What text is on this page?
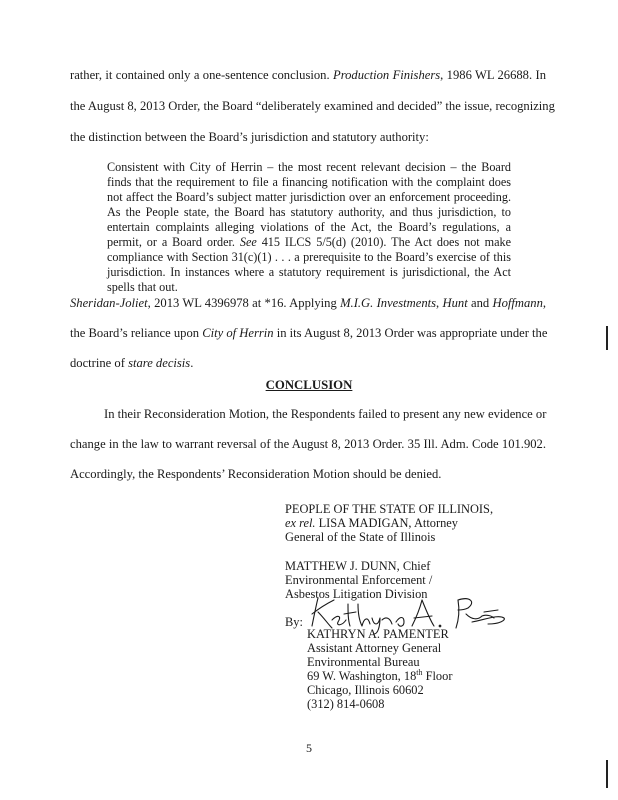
rather, it contained only a one-sentence conclusion. Production Finishers, 1986 WL 26688. In
the August 8, 2013 Order, the Board “deliberately examined and decided” the issue, recognizing
the distinction between the Board’s jurisdiction and statutory authority:
Consistent with City of Herrin – the most recent relevant decision – the Board
finds that the requirement to file a financing notification with the complaint does
not affect the Board’s subject matter jurisdiction over an enforcement proceeding.
As the People state, the Board has statutory authority, and thus jurisdiction, to
entertain complaints alleging violations of the Act, the Board’s regulations, a
permit, or a Board order. See 415 ILCS 5/5(d) (2010). The Act does not make
compliance with Section 31(c)(1) . . . a prerequisite to the Board’s exercise of this
jurisdiction. In instances where a statutory requirement is jurisdictional, the Act
spells that out.
Sheridan-Joliet, 2013 WL 4396978 at *16. Applying M.I.G. Investments, Hunt and Hoffmann,
the Board’s reliance upon City of Herrin in its August 8, 2013 Order was appropriate under the
doctrine of stare decisis.
CONCLUSION
In their Reconsideration Motion, the Respondents failed to present any new evidence or
change in the law to warrant reversal of the August 8, 2013 Order. 35 Ill. Adm. Code 101.902.
Accordingly, the Respondents’ Reconsideration Motion should be denied.
PEOPLE OF THE STATE OF ILLINOIS,
ex rel. LISA MADIGAN, Attorney
General of the State of Illinois
MATTHEW J. DUNN, Chief
Environmental Enforcement /
Asbestos Litigation Division
By:
KATHRYN A. PAMENTER
Assistant Attorney General
Environmental Bureau
69 W. Washington, 18th Floor
Chicago, Illinois 60602
(312) 814-0608
5
